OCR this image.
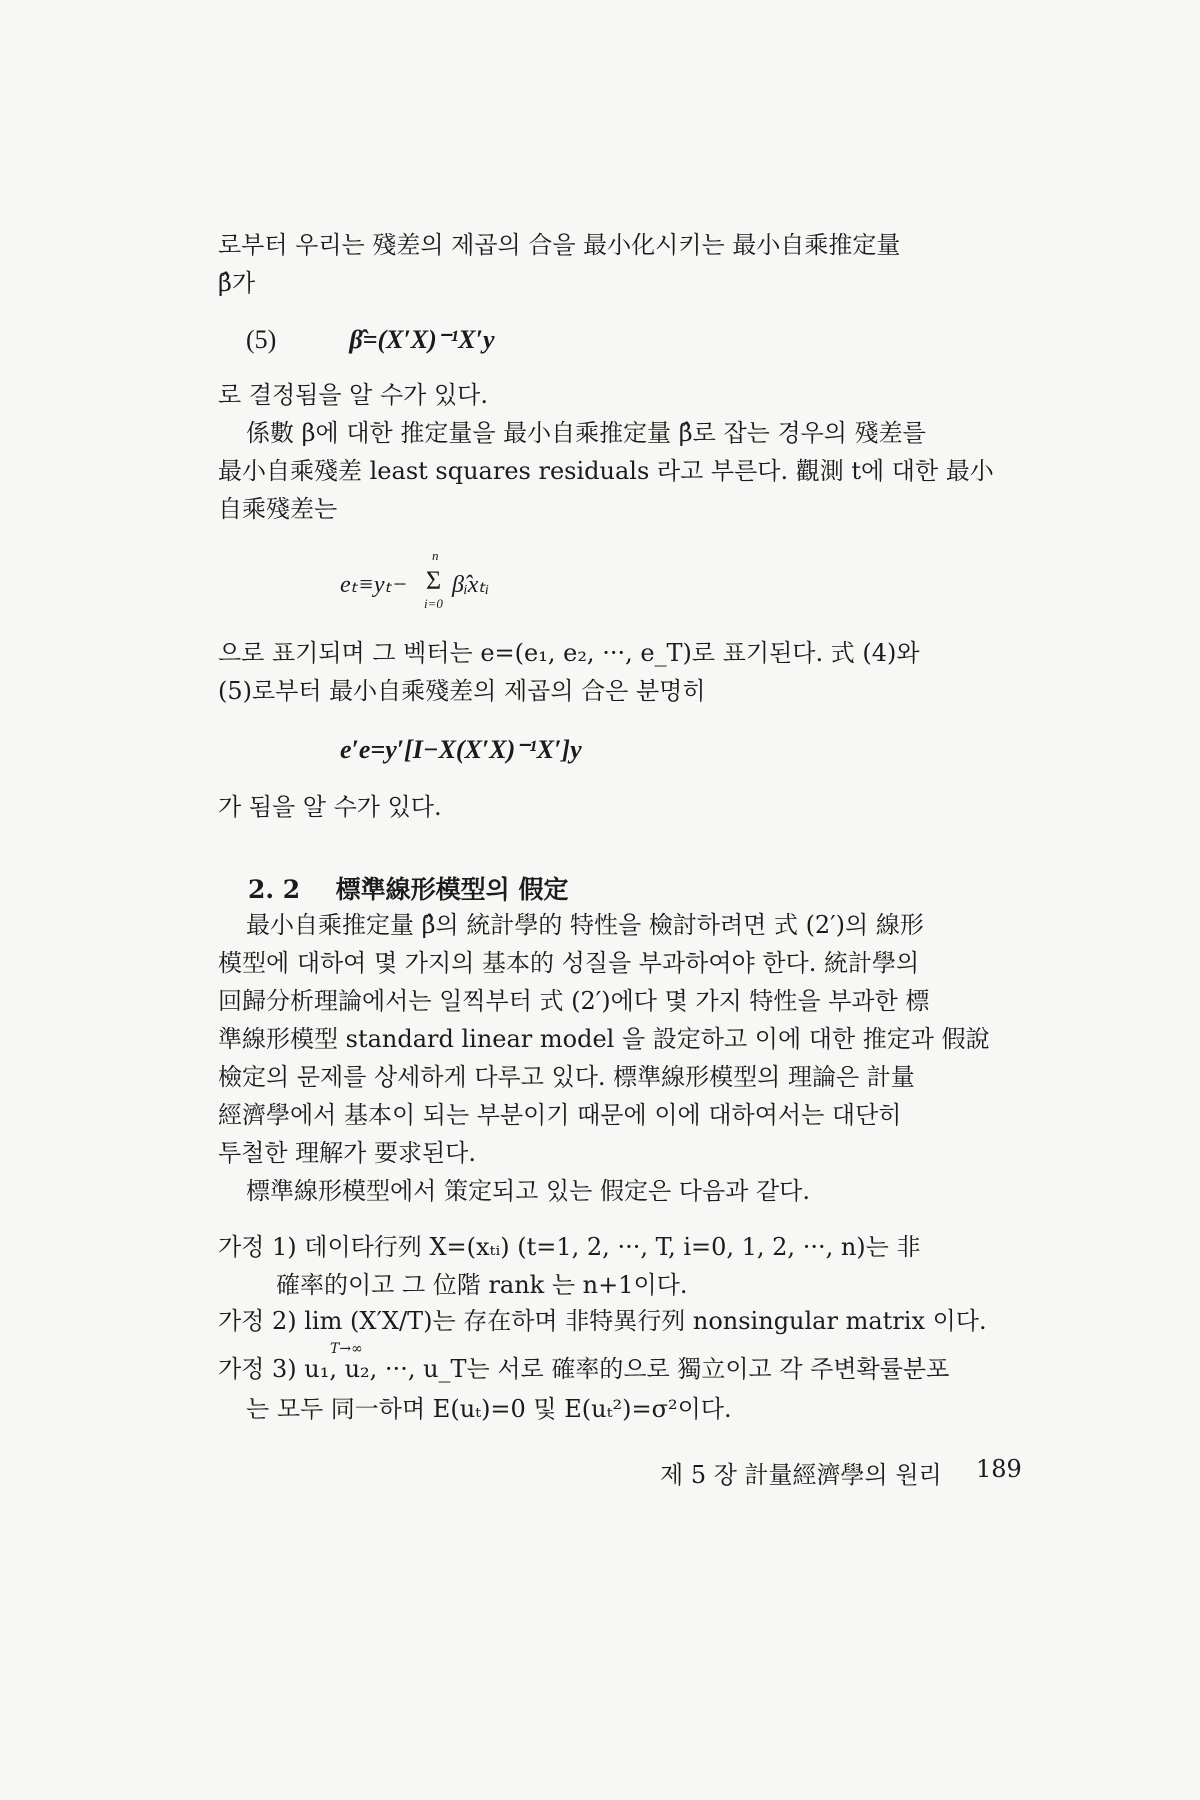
로부터 우리는 殘差의 제곱의 合을 最小化시키는 最小自乘推定量
β̂가
(5)	β̂=(X′X)⁻¹X′y
로 결정됨을 알 수가 있다.
係數 β에 대한 推定量을 最小自乘推定量 β̂로 잡는 경우의 殘差를
最小自乘殘差 least squares residuals 라고 부른다. 觀測 t에 대한 最小
自乘殘差는
eₜ≡yₜ−
n
Σ
i=0
β̂ᵢxₜᵢ
으로 표기되며 그 벡터는 e=(e₁, e₂, ···, e_T)로 표기된다. 式 (4)와
(5)로부터 最小自乘殘差의 제곱의 合은 분명히
e′e=y′[I−X(X′X)⁻¹X′]y
가 됨을 알 수가 있다.
2. 2 標準線形模型의 假定
最小自乘推定量 β̂의 統計學的 特性을 檢討하려면 式 (2′)의 線形
模型에 대하여 몇 가지의 基本的 성질을 부과하여야 한다. 統計學의
回歸分析理論에서는 일찍부터 式 (2′)에다 몇 가지 特性을 부과한 標
準線形模型 standard linear model 을 設定하고 이에 대한 推定과 假說
檢定의 문제를 상세하게 다루고 있다. 標準線形模型의 理論은 計量
經濟學에서 基本이 되는 부분이기 때문에 이에 대하여서는 대단히
투철한 理解가 要求된다.
標準線形模型에서 策定되고 있는 假定은 다음과 같다.
가정 1) 데이타行列 X=(xₜᵢ) (t=1, 2, ···, T, i=0, 1, 2, ···, n)는 非
確率的이고 그 位階 rank 는 n+1이다.
가정 2) lim (X′X/T)는 存在하며 非特異行列 nonsingular matrix 이다.
T→∞
가정 3) u₁, u₂, ···, u_T는 서로 確率的으로 獨立이고 각 주변확률분포
는 모두 同一하며 E(uₜ)=0 및 E(uₜ²)=σ²이다.
제 5 장 計量經濟學의 원리 189
